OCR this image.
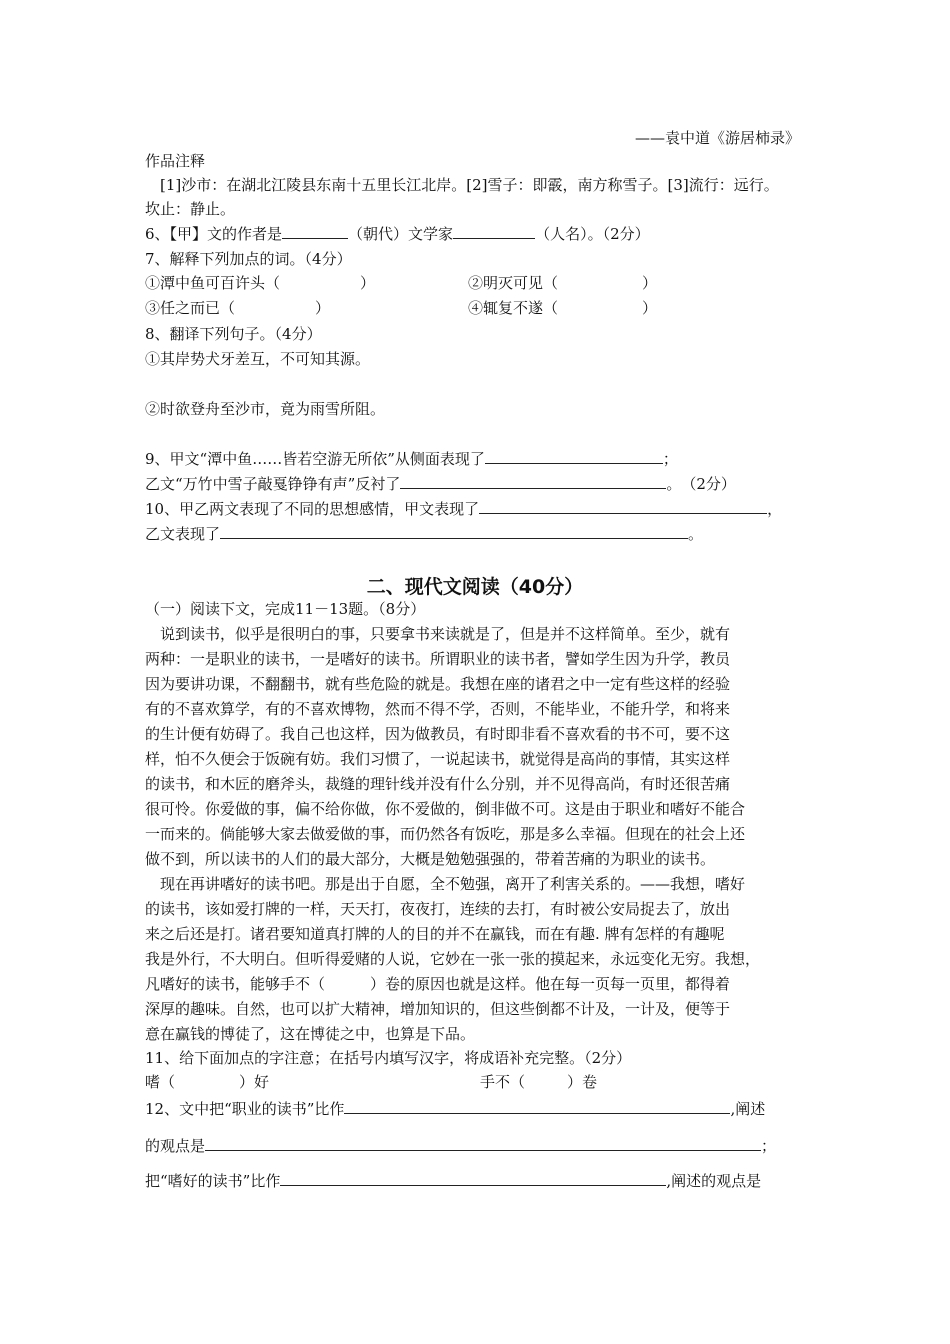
——袁中道《游居柿录》
作品注释
[1]沙市：在湖北江陵县东南十五里长江北岸。[2]雪子：即霰，南方称雪子。[3]流行：远行。
坎止：静止。
6、【甲】文的作者是	（朝代）文学家	（人名）。（2分）
7、解释下列加点的词。（4分）
①潭中鱼可百许头（	）	②明灭可见（	）
③任之而已（	）	④辄复不遂（	）
8、翻译下列句子。（4分）
①其岸势犬牙差互，不可知其源。
②时欲登舟至沙市，竟为雨雪所阻。
9、甲文“潭中鱼……皆若空游无所依”从侧面表现了	；
乙文“万竹中雪子敲戛铮铮有声”反衬了	。　（2分）
10、甲乙两文表现了不同的思想感情，甲文表现了	，
乙文表现了	。
二、现代文阅读（40分）
（一）阅读下文，完成11－13题。（8分）
　说到读书，似乎是很明白的事，只要拿书来读就是了，但是并不这样简单。至少，就有
两种：一是职业的读书，一是嗜好的读书。所谓职业的读书者，譬如学生因为升学，教员
因为要讲功课，不翻翻书，就有些危险的就是。我想在座的诸君之中一定有些这样的经验
有的不喜欢算学，有的不喜欢博物，然而不得不学，否则，不能毕业，不能升学，和将来
的生计便有妨碍了。我自己也这样，因为做教员，有时即非看不喜欢看的书不可，要不这
样，怕不久便会于饭碗有妨。我们习惯了，一说起读书，就觉得是高尚的事情，其实这样
的读书，和木匠的磨斧头，裁缝的理针线并没有什么分别，并不见得高尚，有时还很苦痛
很可怜。你爱做的事，偏不给你做，你不爱做的，倒非做不可。这是由于职业和嗜好不能合
一而来的。倘能够大家去做爱做的事，而仍然各有饭吃，那是多么幸福。但现在的社会上还
做不到，所以读书的人们的最大部分，大概是勉勉强强的，带着苦痛的为职业的读书。
现在再讲嗜好的读书吧。那是出于自愿，全不勉强，离开了利害关系的。——我想，嗜好
的读书，该如爱打牌的一样，天天打，夜夜打，连续的去打，有时被公安局捉去了，放出
来之后还是打。诸君要知道真打牌的人的目的并不在赢钱，而在有趣. 牌有怎样的有趣呢
我是外行，不大明白。但听得爱赌的人说，它妙在一张一张的摸起来，永远变化无穷。我想，
凡嗜好的读书，能够手不（　　　）卷的原因也就是这样。他在每一页每一页里，都得着
深厚的趣味。自然，也可以扩大精神，增加知识的，但这些倒都不计及，一计及，便等于
意在赢钱的博徒了，这在博徒之中，也算是下品。
11、给下面加点的字注意；在括号内填写汉字，将成语补充完整。（2分）
嗜（	）好	手不（	）卷
12、文中把“职业的读书”比作	,阐述
的观点是	；
把“嗜好的读书”比作	,阐述的观点是
